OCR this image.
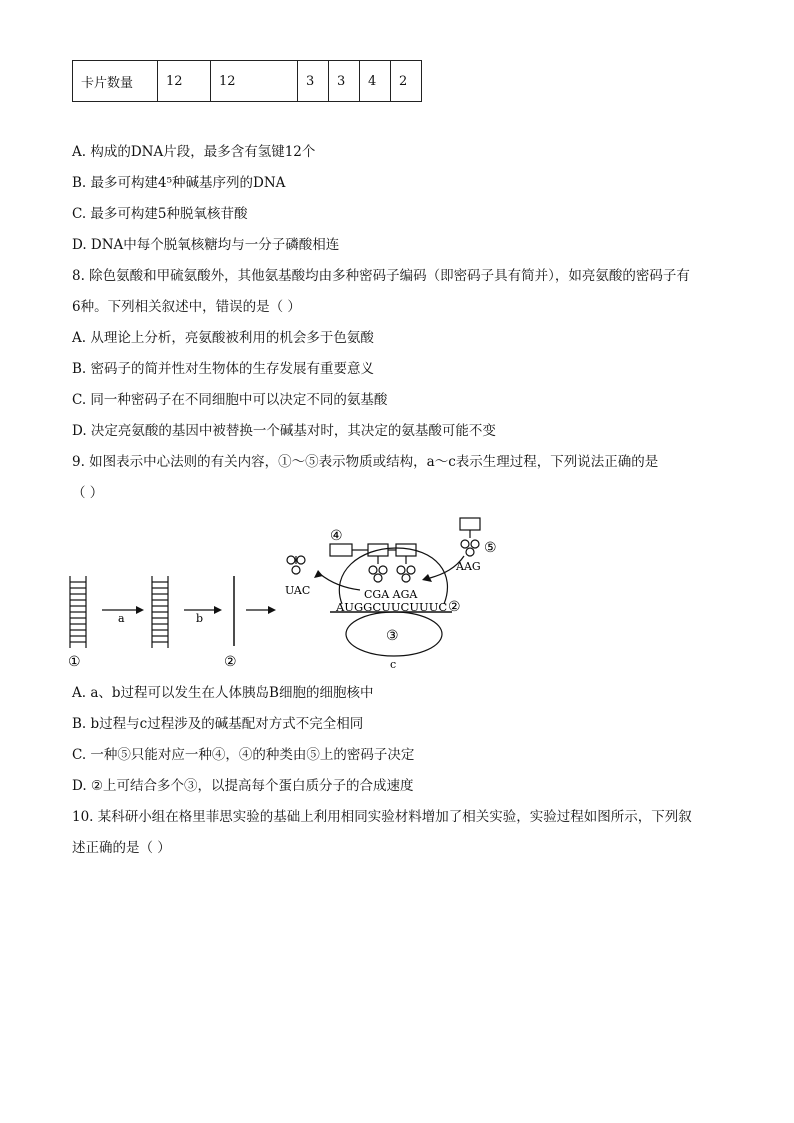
卡片数量	12	12	3	3	4	2
A. 构成的DNA片段，最多含有氢键12个
B. 最多可构建4⁵种碱基序列的DNA
C. 最多可构建5种脱氧核苷酸
D. DNA中每个脱氧核糖均与一分子磷酸相连
8. 除色氨酸和甲硫氨酸外，其他氨基酸均由多种密码子编码（即密码子具有简并），如亮氨酸的密码子有
6种。下列相关叙述中，错误的是（ ）
A. 从理论上分析，亮氨酸被利用的机会多于色氨酸
B. 密码子的简并性对生物体的生存发展有重要意义
C. 同一种密码子在不同细胞中可以决定不同的氨基酸
D. 决定亮氨酸的基因中被替换一个碱基对时，其决定的氨基酸可能不变
9. 如图表示中心法则的有关内容，①～⑤表示物质或结构，a～c表示生理过程，下列说法正确的是
（ ）
①
a	b
②
④
⑤
UAC
AAG
CGA AGA
AUGGCUUCUUUC ②
③
c
A. a、b过程可以发生在人体胰岛B细胞的细胞核中
B. b过程与c过程涉及的碱基配对方式不完全相同
C. 一种⑤只能对应一种④，④的种类由⑤上的密码子决定
D. ②上可结合多个③，以提高每个蛋白质分子的合成速度
10. 某科研小组在格里菲思实验的基础上利用相同实验材料增加了相关实验，实验过程如图所示，下列叙
述正确的是（ ）
